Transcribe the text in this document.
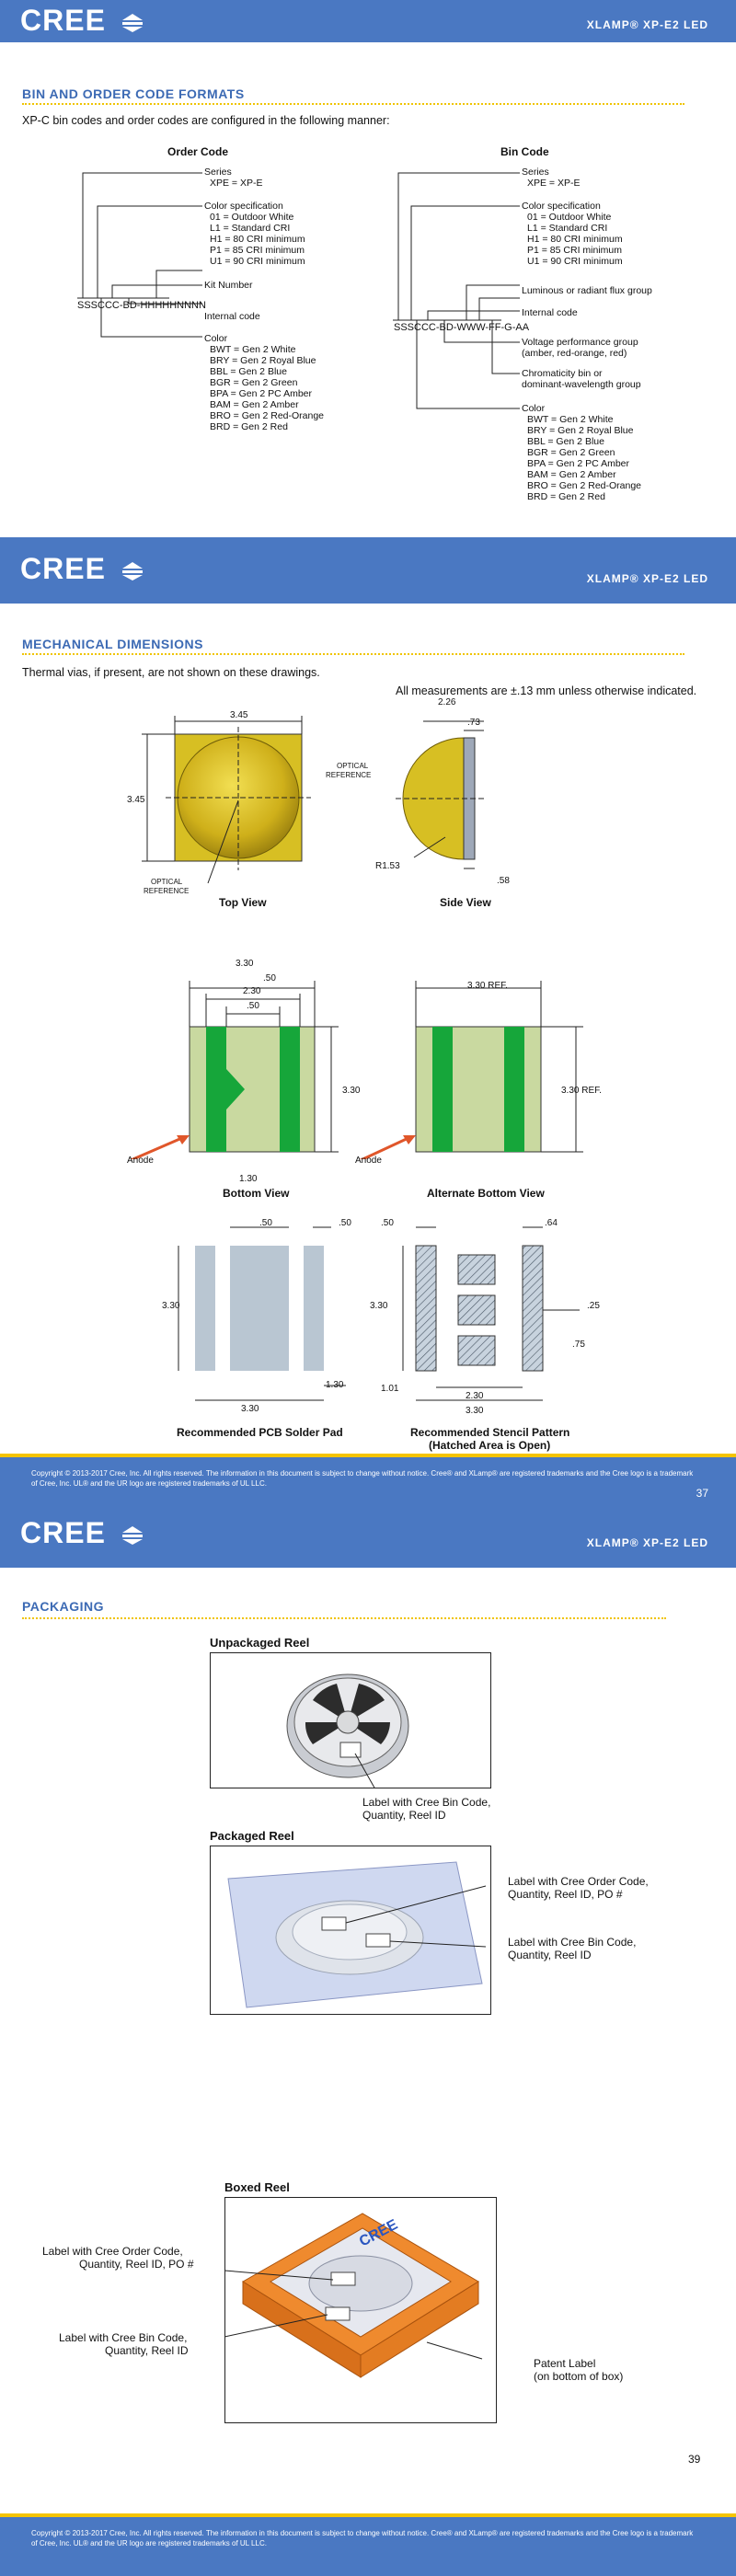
CREE	XLAMP® XP-E2 LED
BIN AND ORDER CODE FORMATS
XP-C bin codes and order codes are configured in the following manner:
Order Code
SSSCCC-BD-HHHHHNNNN
Series
XPE = XP-E
Color specification
01 = Outdoor White
L1 = Standard CRI
H1 = 80 CRI minimum
P1 = 85 CRI minimum
U1 = 90 CRI minimum
Kit Number
Internal code
Color
BWT = Gen 2 White
BRY = Gen 2 Royal Blue
BBL = Gen 2 Blue
BGR = Gen 2 Green
BPA = Gen 2 PC Amber
BAM = Gen 2 Amber
BRO = Gen 2 Red-Orange
BRD = Gen 2 Red
Bin Code
SSSCCC-BD-WWW-FF-G-AA
Series
XPE = XP-E
Color specification
01 = Outdoor White
L1 = Standard CRI
H1 = 80 CRI minimum
P1 = 85 CRI minimum
U1 = 90 CRI minimum
Luminous or radiant flux group
Internal code
Voltage performance group
(amber, red-orange, red)
Chromaticity bin or
dominant-wavelength group
Color
BWT = Gen 2 White
BRY = Gen 2 Royal Blue
BBL = Gen 2 Blue
BGR = Gen 2 Green
BPA = Gen 2 PC Amber
BAM = Gen 2 Amber
BRO = Gen 2 Red-Orange
BRD = Gen 2 Red
CREE	XLAMP® XP-E2 LED
MECHANICAL DIMENSIONS
Thermal vias, if present, are not shown on these drawings.
All measurements are ±.13 mm unless otherwise indicated.
3.45
3.45
OPTICAL
REFERENCE
Top View
2.26
.73
OPTICAL
REFERENCE
R1.53
.58
Side View
3.30
.50
2.30
.50
3.30
1.30
Anode
Bottom View
3.30 REF.
3.30 REF.
Anode
Alternate Bottom View
.50	.50
3.30
1.30
3.30
Recommended PCB Solder Pad
.50	.64
3.30	.25
.75
1.01
2.30
3.30
Recommended Stencil Pattern
(Hatched Area is Open)
Copyright © 2013-2017 Cree, Inc. All rights reserved. The information in this document is subject to change without notice. Cree® and XLamp® are registered trademarks and the Cree logo is a trademark of Cree, Inc. UL® and the UR logo are registered trademarks of UL LLC.
37
CREE	XLAMP® XP-E2 LED
PACKAGING
Unpackaged Reel
Label with Cree Bin Code,
Quantity, Reel ID
Packaged Reel
Label with Cree Order Code,
Quantity, Reel ID, PO #
Label with Cree Bin Code,
Quantity, Reel ID
Boxed Reel
CREE
Label with Cree Order Code,
Quantity, Reel ID, PO #
Label with Cree Bin Code,
Quantity, Reel ID
Patent Label
(on bottom of box)
39
Copyright © 2013-2017 Cree, Inc. All rights reserved. The information in this document is subject to change without notice. Cree® and XLamp® are registered trademarks and the Cree logo is a trademark of Cree, Inc. UL® and the UR logo are registered trademarks of UL LLC.
